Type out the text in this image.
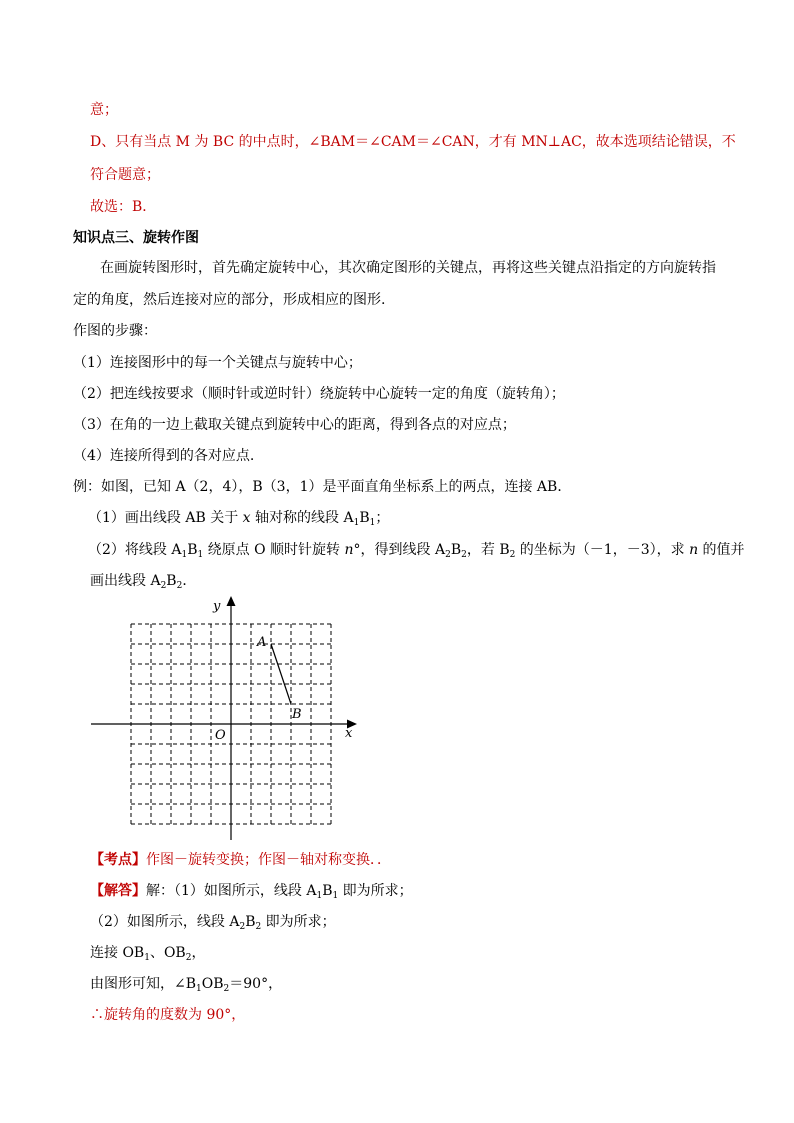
意；
D、只有当点 M 为 BC 的中点时，∠BAM＝∠CAM＝∠CAN，才有 MN⊥AC，故本选项结论错误，不
符合题意；
故选：B．
知识点三、旋转作图
在画旋转图形时，首先确定旋转中心，其次确定图形的关键点，再将这些关键点沿指定的方向旋转指
定的角度，然后连接对应的部分，形成相应的图形.
作图的步骤：
（1）连接图形中的每一个关键点与旋转中心；
（2）把连线按要求（顺时针或逆时针）绕旋转中心旋转一定的角度（旋转角）；
（3）在角的一边上截取关键点到旋转中心的距离，得到各点的对应点；
（4）连接所得到的各对应点.
例：如图，已知 A（2，4），B（3，1）是平面直角坐标系上的两点，连接 AB．
（1）画出线段 AB 关于 x 轴对称的线段 $A_1B_1$；
（2）将线段 $A_1B_1$ 绕原点 O 顺时针旋转 n°，得到线段 $A_2B_2$，若 $B_2$ 的坐标为（－1，－3），求 n 的值并
画出线段 $A_2B_2$．
x
y
O
A
B
【考点】作图－旋转变换；作图－轴对称变换．．
【解答】解：（1）如图所示，线段 $A_1B_1$ 即为所求；
（2）如图所示，线段 $A_2B_2$ 即为所求；
连接 $OB_1$、$OB_2$，
由图形可知，$\angle B_1OB_2=90^\circ$，
∴旋转角的度数为 90°，
